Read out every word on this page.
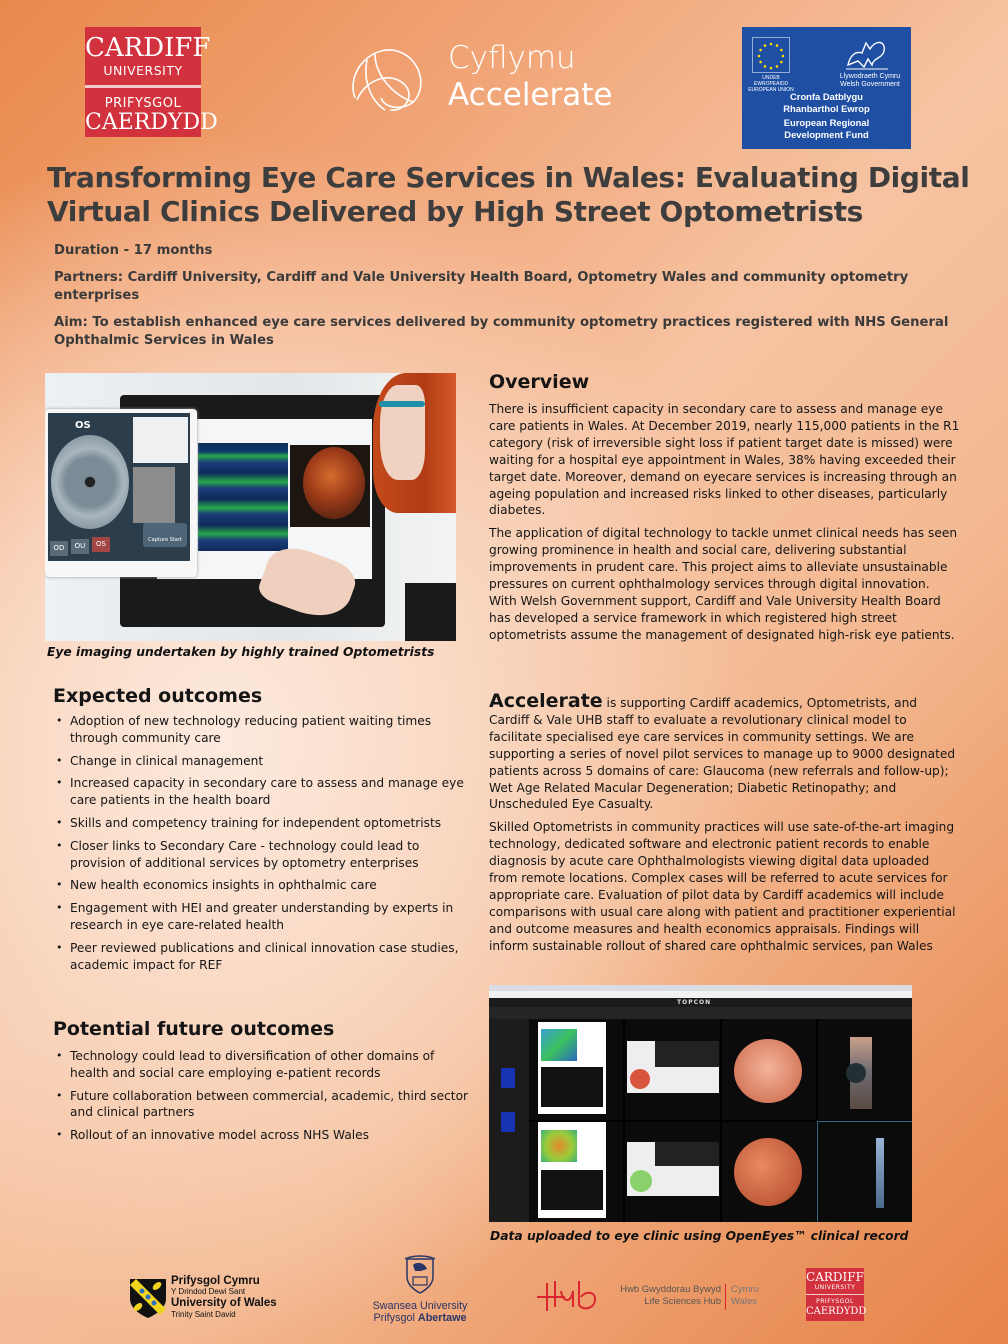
CARDIFF
UNIVERSITY
PRIFYSGOL
CAERDYDD
Cyflymu
Accelerate	UNDEB EWROPEAIDD
EUROPEAN UNION
Llywodraeth Cymru
Welsh Government
Cronfa Datblygu
Rhanbarthol Ewrop
European Regional
Development Fund
Transforming Eye Care Services in Wales: Evaluating Digital
Virtual Clinics Delivered by High Street Optometrists
Duration - 17 months
Partners: Cardiff University, Cardiff and Vale University Health Board, Optometry Wales and community optometry enterprises
Aim: To establish enhanced eye care services delivered by community optometry practices registered with NHS General Ophthalmic Services in Wales
OS
OD	OU	OS	Capture Start
Eye imaging undertaken by highly trained Optometrists
Overview

There is insufficient capacity in secondary care to assess and manage eye care patients in Wales. At December 2019, nearly 115,000 patients in the R1 category (risk of irreversible sight loss if patient target date is missed) were waiting for a hospital eye appointment in Wales, 38% having exceeded their target date. Moreover, demand on eyecare services is increasing through an ageing population and increased risks linked to other diseases, particularly diabetes.

The application of digital technology to tackle unmet clinical needs has seen growing prominence in health and social care, delivering substantial improvements in prudent care. This project aims to alleviate unsustainable pressures on current ophthalmology services through digital innovation. With Welsh Government support, Cardiff and Vale University Health Board has developed a service framework in which registered high street optometrists assume the management of designated high-risk eye patients.

Accelerate is supporting Cardiff academics, Optometrists, and Cardiff & Vale UHB staff to evaluate a revolutionary clinical model to facilitate specialised eye care services in community settings. We are supporting a series of novel pilot services to manage up to 9000 designated patients across 5 domains of care: Glaucoma (new referrals and follow-up); Wet Age Related Macular Degeneration; Diabetic Retinopathy; and Unscheduled Eye Casualty.

Skilled Optometrists in community practices will use sate-of-the-art imaging technology, dedicated software and electronic patient records to enable diagnosis by acute care Ophthalmologists viewing digital data uploaded from remote locations. Complex cases will be referred to acute services for appropriate care. Evaluation of pilot data by Cardiff academics will include comparisons with usual care along with patient and practitioner experiential and outcome measures and health economics appraisals. Findings will inform sustainable rollout of shared care ophthalmic services, pan Wales

Expected outcomes
• Adoption of new technology reducing patient waiting times through community care
• Change in clinical management
• Increased capacity in secondary care to assess and manage eye care patients in the health board
• Skills and competency training for independent optometrists
• Closer links to Secondary Care - technology could lead to provision of additional services by optometry enterprises
• New health economics insights in ophthalmic care
• Engagement with HEI and greater understanding by experts in research in eye care-related health
• Peer reviewed publications and clinical innovation case studies, academic impact for REF
Potential future outcomes
• Technology could lead to diversification of other domains of health and social care employing e-patient records
• Future collaboration between commercial, academic, third sector and clinical partners
• Rollout of an innovative model across NHS Wales
TOPCON
Data uploaded to eye clinic using OpenEyes™ clinical record
Prifysgol Cymru
Y Drindod Dewi Sant
University of Wales
Trinity Saint David
Swansea University
Prifysgol Abertawe
Hwb Gwyddorau Bywyd
Life Sciences Hub
Cymru
Wales
CARDIFF
UNIVERSITY
PRIFYSGOL
CAERDYDD
